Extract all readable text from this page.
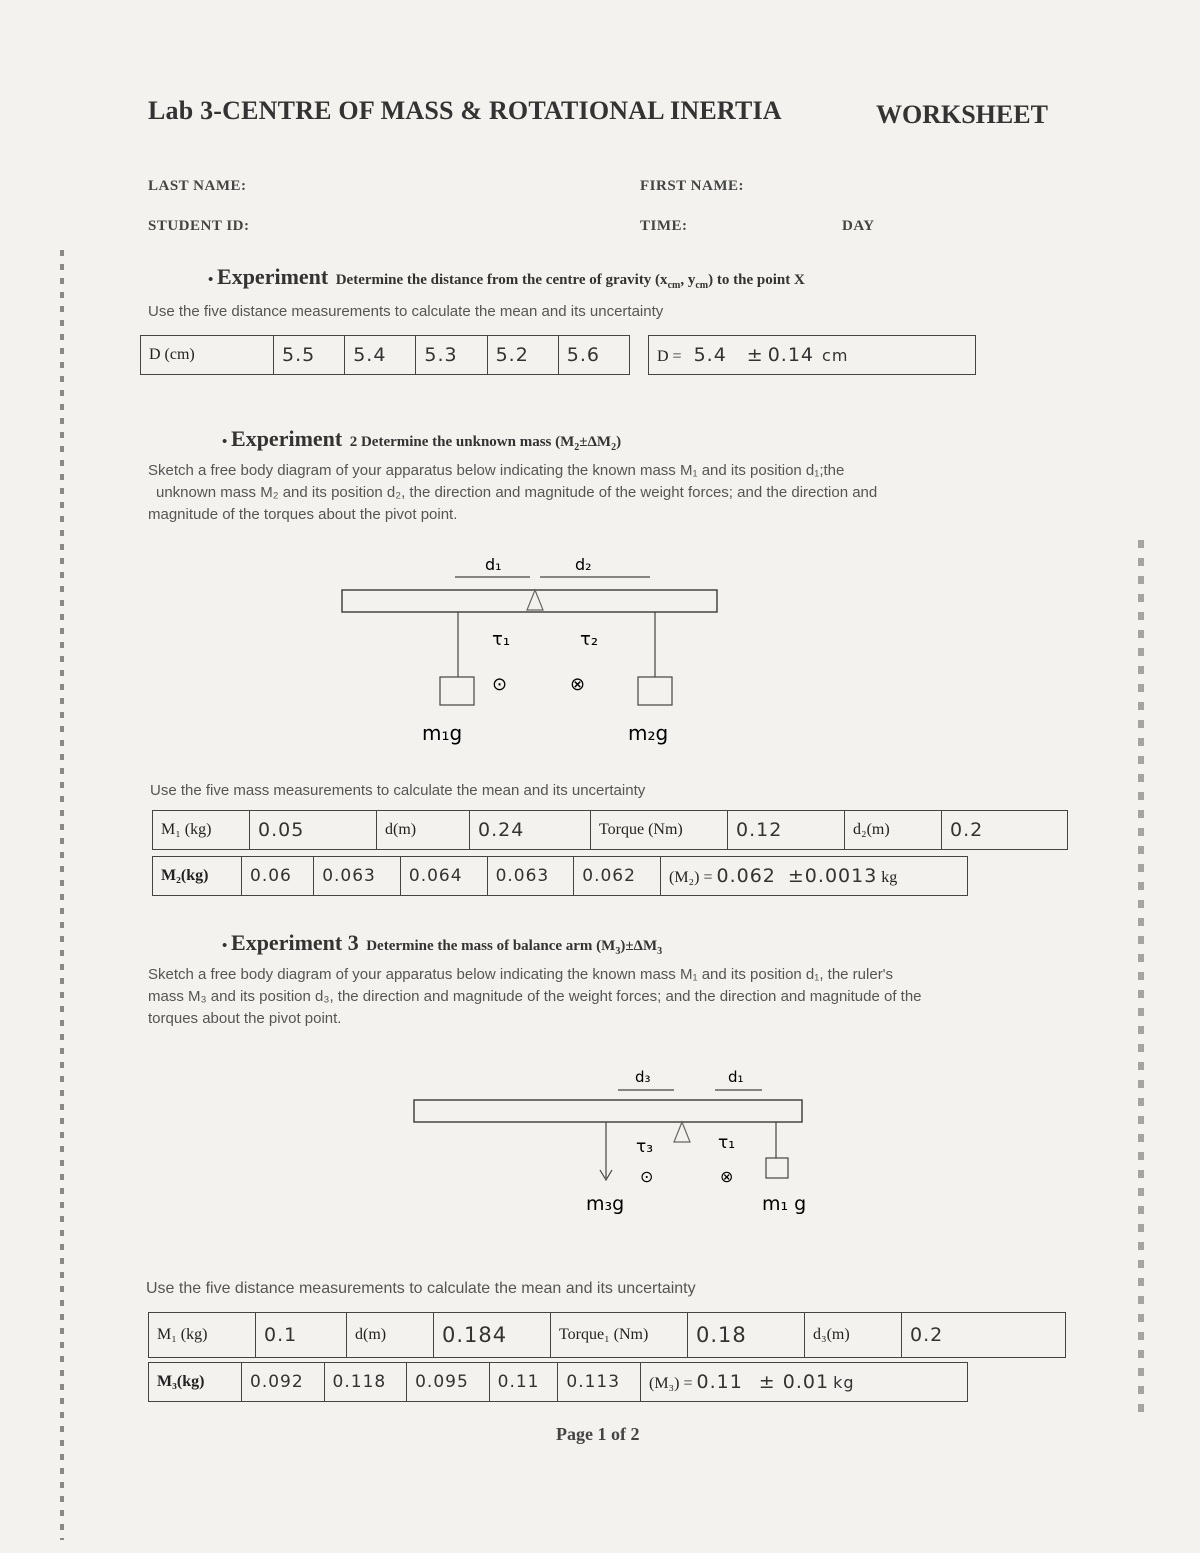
Lab 3-CENTRE OF MASS & ROTATIONAL INERTIA	WORKSHEET
LAST NAME:	FIRST NAME:
STUDENT ID:	TIME:	DAY
• Experiment Determine the distance from the centre of gravity ($x_{cm}$, $y_{cm}$) to the point X
Use the five distance measurements to calculate the mean and its uncertainty
D (cm)	5.5	5.4	5.3	5.2	5.6	D = 5.4 ± 0.14 cm
• Experiment 2 Determine the unknown mass $(M_2\pm\Delta M_2)$
Sketch a free body diagram of your apparatus below indicating the known mass M₁ and its position d₁;the
unknown mass M₂ and its position d₂, the direction and magnitude of the weight forces; and the direction and
magnitude of the torques about the pivot point.
d₁	d₂
τ₁	τ₂
⊙	⊗
m₁g	m₂g
Use the five mass measurements to calculate the mean and its uncertainty
M₁ (kg)	0.05	d(m)	0.24	Torque (Nm)	0.12	d₂(m)	0.2
M₂(kg)	0.06	0.063	0.064	0.063	0.062	(M₂) = 0.062 ±0.0013 kg
• Experiment 3 Determine the mass of balance arm $(M_3)\pm\Delta M_3$
Sketch a free body diagram of your apparatus below indicating the known mass M₁ and its position d₁, the ruler's
mass M₃ and its position d₃, the direction and magnitude of the weight forces; and the direction and magnitude of the
torques about the pivot point.
d₃	d₁
τ₃	τ₁
⊙	⊗
m₃g	m₁ g
Use the five distance measurements to calculate the mean and its uncertainty
M₁ (kg)	0.1	d(m)	0.184	Torque₁ (Nm)	0.18	d₃(m)	0.2
M₃(kg)	0.092	0.118	0.095	0.11	0.113	(M₃) = 0.11 ± 0.01 kg
Page 1 of 2
